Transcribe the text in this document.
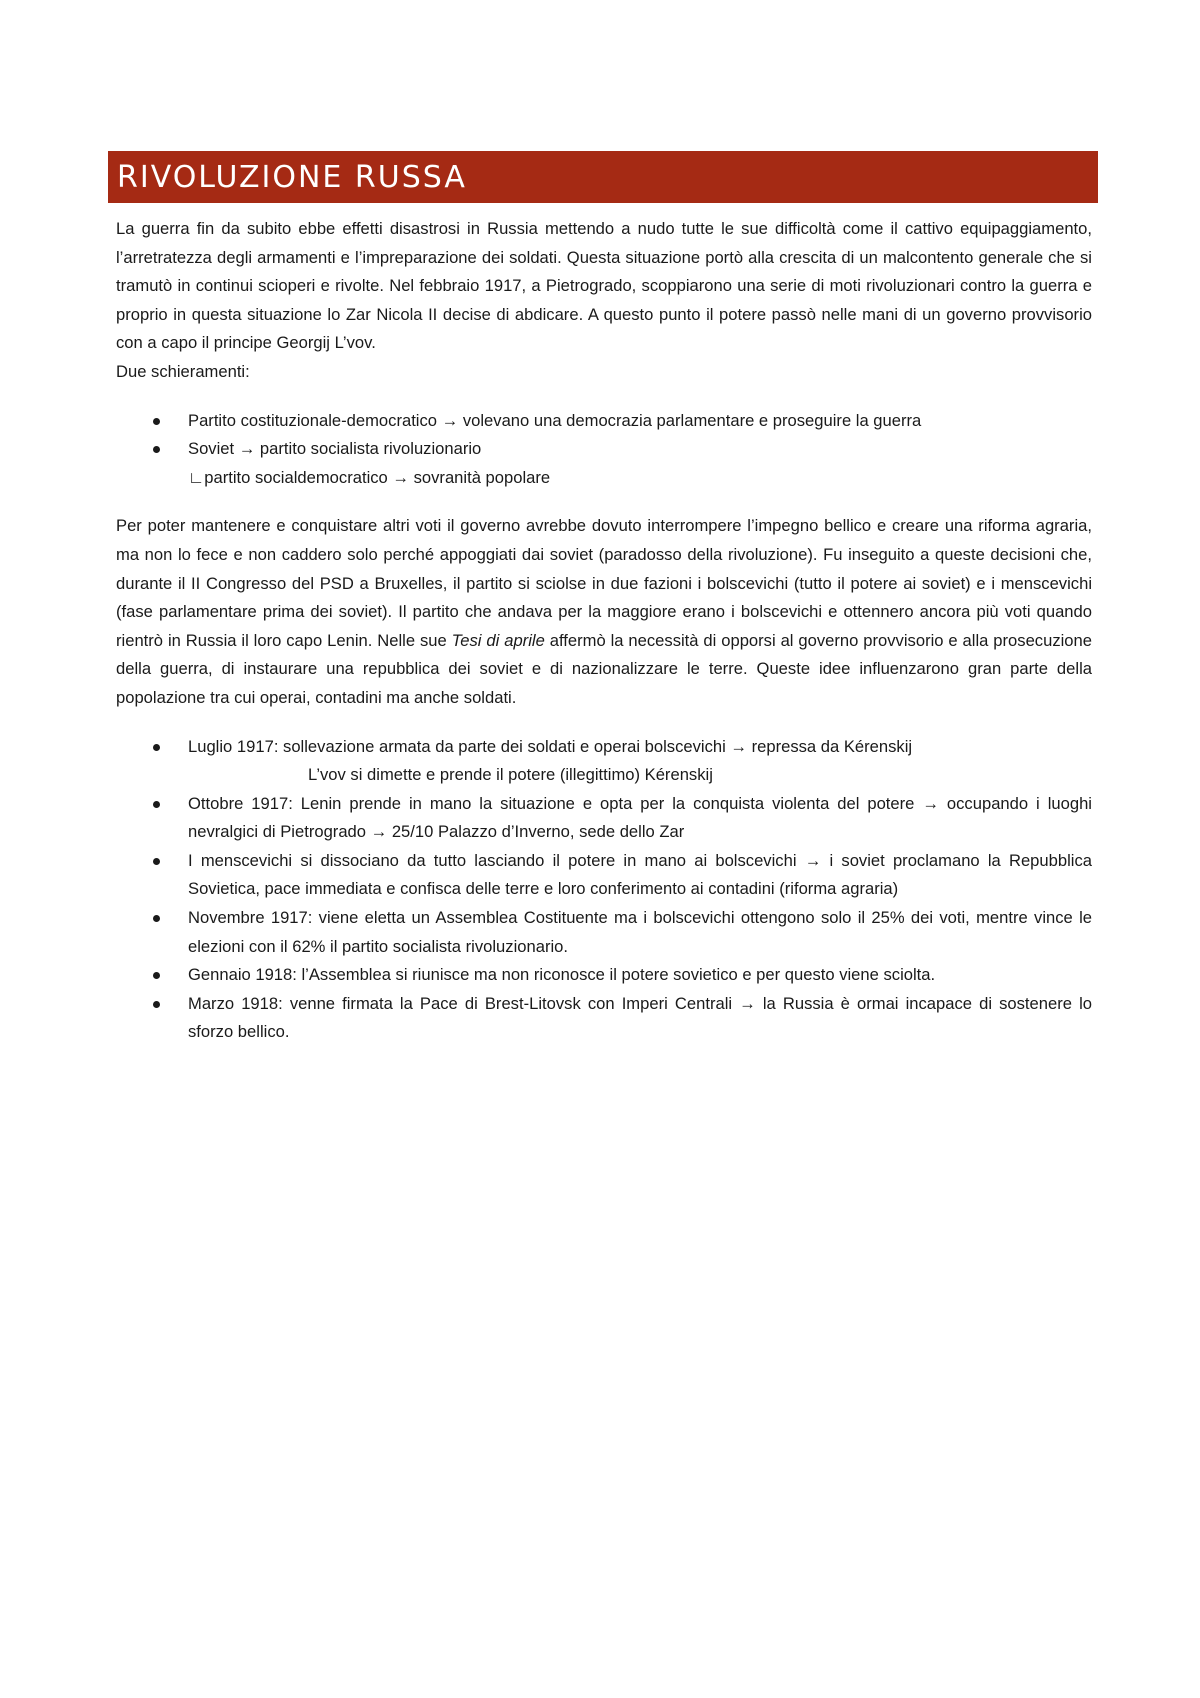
RIVOLUZIONE RUSSA

La guerra fin da subito ebbe effetti disastrosi in Russia mettendo a nudo tutte le sue difficoltà come il cattivo equipaggiamento, l’arretratezza degli armamenti e l’impreparazione dei soldati. Questa situazione portò alla crescita di un malcontento generale che si tramutò in continui scioperi e rivolte. Nel febbraio 1917, a Pietrogrado, scoppiarono una serie di moti rivoluzionari contro la guerra e proprio in questa situazione lo Zar Nicola II decise di abdicare. A questo punto il potere passò nelle mani di un governo provvisorio con a capo il principe Georgij L’vov.

Due schieramenti:

Partito costituzionale-democratico → volevano una democrazia parlamentare e proseguire la guerra
Soviet → partito socialista rivoluzionario
∟partito socialdemocratico → sovranità popolare

Per poter mantenere e conquistare altri voti il governo avrebbe dovuto interrompere l’impegno bellico e creare una riforma agraria, ma non lo fece e non caddero solo perché appoggiati dai soviet (paradosso della rivoluzione). Fu inseguito a queste decisioni che, durante il II Congresso del PSD a Bruxelles, il partito si sciolse in due fazioni i bolscevichi (tutto il potere ai soviet) e i menscevichi (fase parlamentare prima dei soviet). Il partito che andava per la maggiore erano i bolscevichi e ottennero ancora più voti quando rientrò in Russia il loro capo Lenin. Nelle sue Tesi di aprile affermò la necessità di opporsi al governo provvisorio e alla prosecuzione della guerra, di instaurare una repubblica dei soviet e di nazionalizzare le terre. Queste idee influenzarono gran parte della popolazione tra cui operai, contadini ma anche soldati.

Luglio 1917: sollevazione armata da parte dei soldati e operai bolscevichi → repressa da Kérenskij
L’vov si dimette e prende il potere (illegittimo) Kérenskij
Ottobre 1917: Lenin prende in mano la situazione e opta per la conquista violenta del potere → occupando i luoghi nevralgici di Pietrogrado → 25/10 Palazzo d’Inverno, sede dello Zar
I menscevichi si dissociano da tutto lasciando il potere in mano ai bolscevichi → i soviet proclamano la Repubblica Sovietica, pace immediata e confisca delle terre e loro conferimento ai contadini (riforma agraria)
Novembre 1917: viene eletta un Assemblea Costituente ma i bolscevichi ottengono solo il 25% dei voti, mentre vince le elezioni con il 62% il partito socialista rivoluzionario.
Gennaio 1918: l’Assemblea si riunisce ma non riconosce il potere sovietico e per questo viene sciolta.
Marzo 1918: venne firmata la Pace di Brest-Litovsk con Imperi Centrali → la Russia è ormai incapace di sostenere lo sforzo bellico.
